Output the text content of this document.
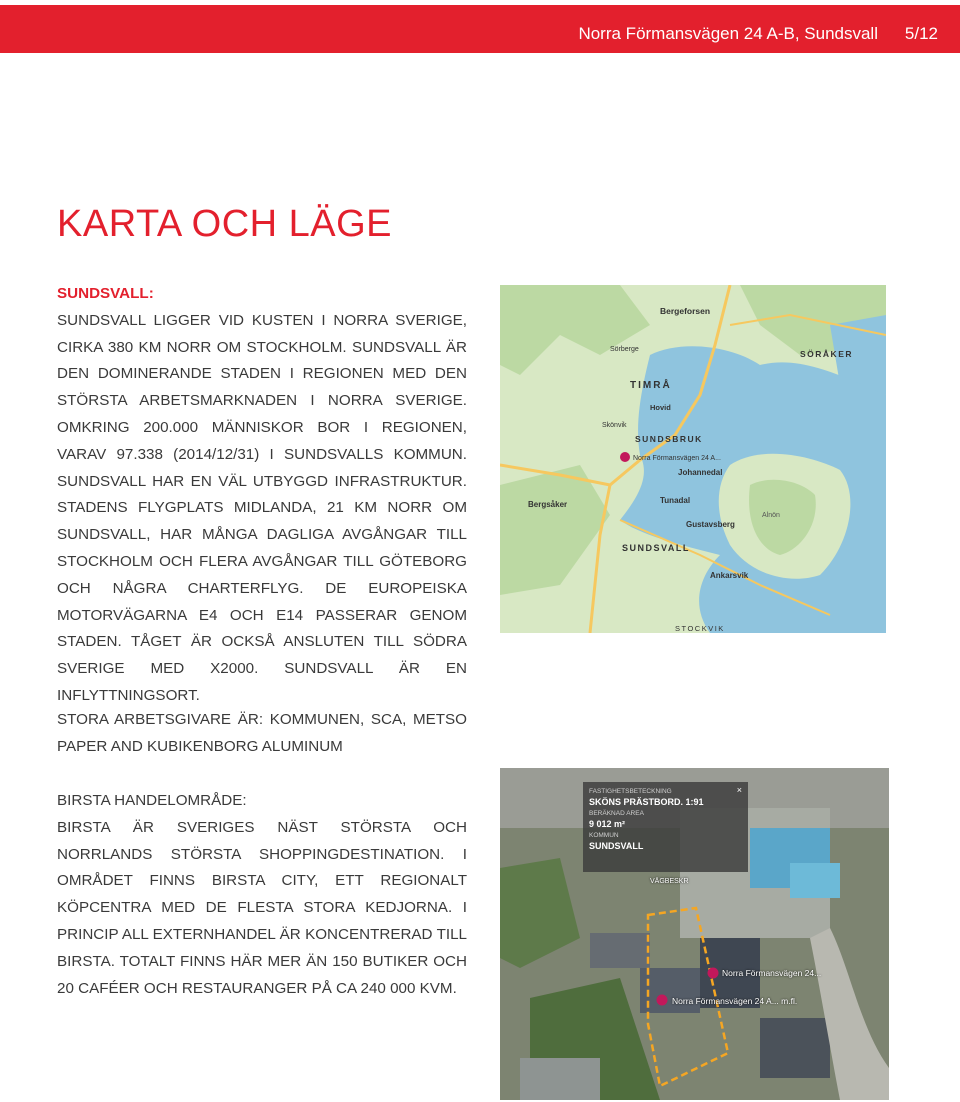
Norra Förmansvägen 24 A-B, Sundsvall 5/12
KARTA OCH LÄGE
SUNDSVALL:
SUNDSVALL LIGGER VID KUSTEN I NORRA SVERIGE, CIRKA 380 KM NORR OM STOCKHOLM. SUNDSVALL ÄR DEN DOMINERANDE STADEN I REGIONEN MED DEN STÖRSTA ARBETSMARKNADEN I NORRA SVERIGE. OMKRING 200.000 MÄNNISKOR BOR I REGIONEN, VARAV 97.338 (2014/12/31) I SUNDSVALLS KOMMUN. SUNDSVALL HAR EN VÄL UTBYGGD INFRASTRUKTUR. STADENS FLYGPLATS MIDLANDA, 21 KM NORR OM SUNDSVALL, HAR MÅNGA DAGLIGA AVGÅNGAR TILL STOCKHOLM OCH FLERA AVGÅNGAR TILL GÖTEBORG OCH NÅGRA CHARTERFLYG. DE EUROPEISKA MOTORVÄGARNA E4 OCH E14 PASSERAR GENOM STADEN. TÅGET ÄR OCKSÅ ANSLUTEN TILL SÖDRA SVERIGE MED X2000. SUNDSVALL ÄR EN INFLYTTNINGSORT.
STORA ARBETSGIVARE ÄR: KOMMUNEN, SCA, METSO PAPER AND KUBIKENBORG ALUMINUM
BIRSTA HANDELOMRÅDE:
BIRSTA ÄR SVERIGES NÄST STÖRSTA OCH NORRLANDS STÖRSTA SHOPPINGDESTINATION. I OMRÅDET FINNS BIRSTA CITY, ETT REGIONALT KÖPCENTRA MED DE FLESTA STORA KEDJORNA. I PRINCIP ALL EXTERNHANDEL ÄR KONCENTRERAD TILL BIRSTA. TOTALT FINNS HÄR MER ÄN 150 BUTIKER OCH 20 CAFÉER OCH RESTAURANGER PÅ CA 240 000 KVM.
TIMRÅ
SUNDSBRUK
SUNDSVALL
SÖRÅKER
STOCKVIK
Bergeforsen
Johannedal
Tunadal
Gustavsberg
Ankarsvik
Bergsåker
Sörberge
Hovid
Skönvik
Alnön
Norra Förmansvägen 24 A...
×
FASTIGHETSBETECKNING
SKÖNS PRÄSTBORD. 1:91
BERÄKNAD AREA
9 012 m²
KOMMUN
SUNDSVALL
VÄGBESKR
Norra Förmansvägen 24...
Norra Förmansvägen 24 A... m.fl.
